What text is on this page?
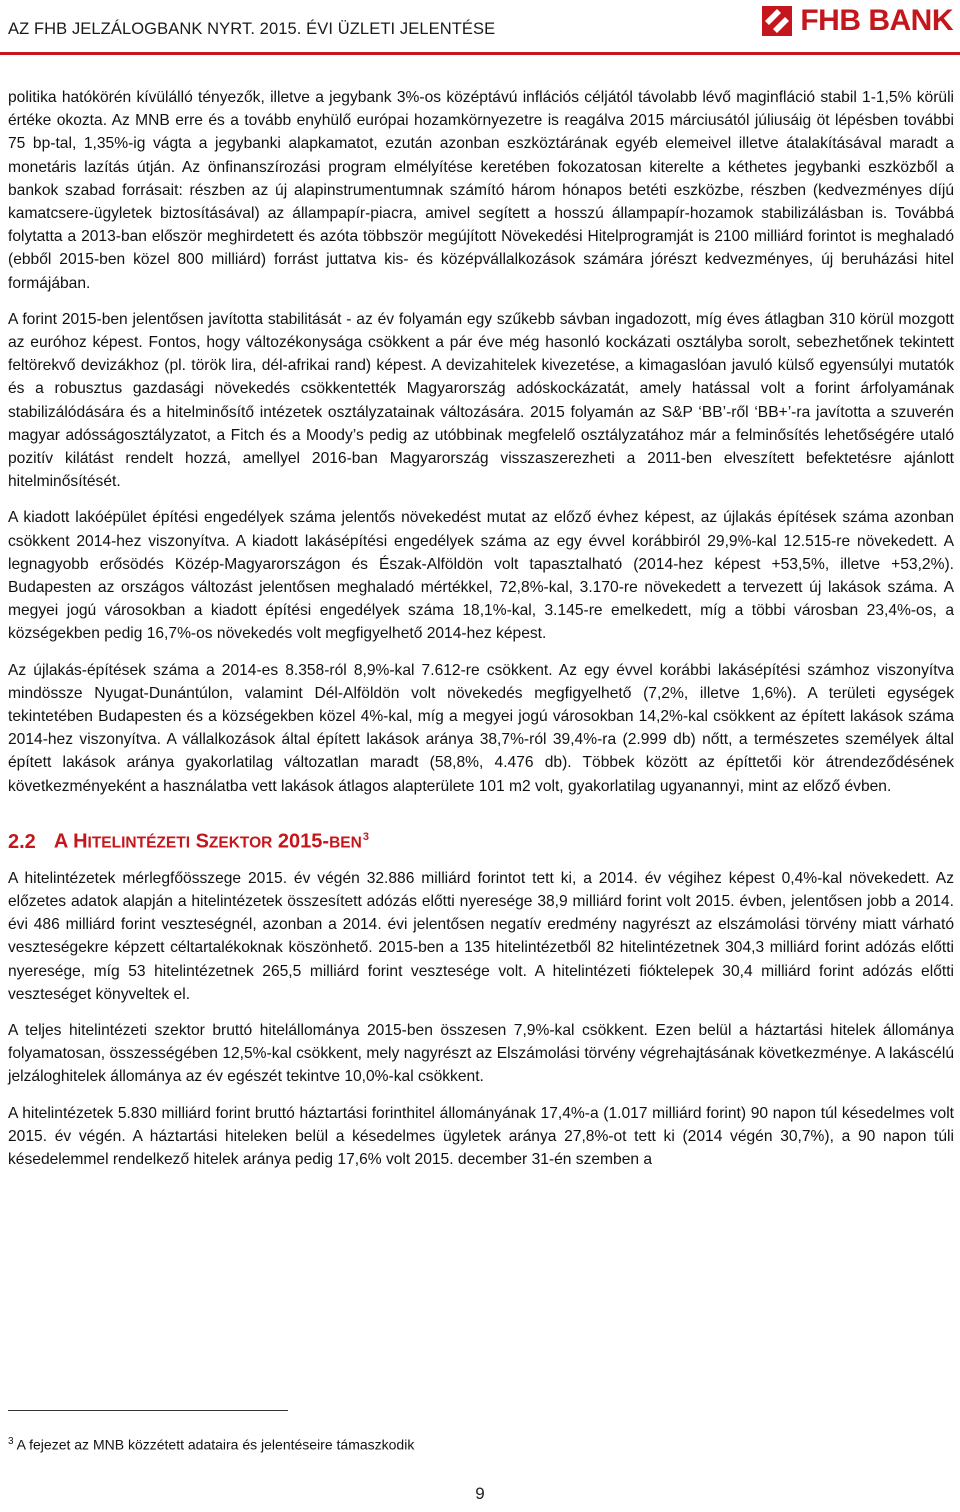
AZ FHB JELZÁLOGBANK NYRT. 2015. ÉVI ÜZLETI JELENTÉSE	FHB BANK

politika hatókörén kívülálló tényezők, illetve a jegybank 3%-os középtávú inflációs céljától távolabb lévő maginfláció stabil 1-1,5% körüli értéke okozta. Az MNB erre és a tovább enyhülő európai hozamkörnyezetre is reagálva 2015 márciusától júliusáig öt lépésben további 75 bp-tal, 1,35%-ig vágta a jegybanki alapkamatot, ezután azonban eszköztárának egyéb elemeivel illetve átalakításával maradt a monetáris lazítás útján. Az önfinanszírozási program elmélyítése keretében fokozatosan kiterelte a kéthetes jegybanki eszközből a bankok szabad forrásait: részben az új alapinstrumentumnak számító három hónapos betéti eszközbe, részben (kedvezményes díjú kamatcsere-ügyletek biztosításával) az állampapír-piacra, amivel segített a hosszú állampapír-hozamok stabilizálásban is. Továbbá folytatta a 2013-ban először meghirdetett és azóta többször megújított Növekedési Hitelprogramját is 2100 milliárd forintot is meghaladó (ebből 2015-ben közel 800 milliárd) forrást juttatva kis- és középvállalkozások számára jórészt kedvezményes, új beruházási hitel formájában.

A forint 2015-ben jelentősen javította stabilitását - az év folyamán egy szűkebb sávban ingadozott, míg éves átlagban 310 körül mozgott az euróhoz képest. Fontos, hogy változékonysága csökkent a pár éve még hasonló kockázati osztályba sorolt, sebezhetőnek tekintett feltörekvő devizákhoz (pl. török lira, dél-afrikai rand) képest. A devizahitelek kivezetése, a kimagaslóan javuló külső egyensúlyi mutatók és a robusztus gazdasági növekedés csökkentették Magyarország adóskockázatát, amely hatással volt a forint árfolyamának stabilizálódására és a hitelminősítő intézetek osztályzatainak változására. 2015 folyamán az S&P ‘BB’-ről ‘BB+’-ra javította a szuverén magyar adósságosztályzatot, a Fitch és a Moody’s pedig az utóbbinak megfelelő osztályzatához már a felminősítés lehetőségére utaló pozitív kilátást rendelt hozzá, amellyel 2016-ban Magyarország visszaszerezheti a 2011-ben elveszített befektetésre ajánlott hitelminősítését.

A kiadott lakóépület építési engedélyek száma jelentős növekedést mutat az előző évhez képest, az újlakás építések száma azonban csökkent 2014-hez viszonyítva. A kiadott lakásépítési engedélyek száma az egy évvel korábbiról 29,9%-kal 12.515-re növekedett. A legnagyobb erősödés Közép-Magyarországon és Észak-Alföldön volt tapasztalható (2014-hez képest +53,5%, illetve +53,2%). Budapesten az országos változást jelentősen meghaladó mértékkel, 72,8%-kal, 3.170-re növekedett a tervezett új lakások száma. A megyei jogú városokban a kiadott építési engedélyek száma 18,1%-kal, 3.145-re emelkedett, míg a többi városban 23,4%-os, a községekben pedig 16,7%-os növekedés volt megfigyelhető 2014-hez képest.

Az újlakás-építések száma a 2014-es 8.358-ról 8,9%-kal 7.612-re csökkent. Az egy évvel korábbi lakásépítési számhoz viszonyítva mindössze Nyugat-Dunántúlon, valamint Dél-Alföldön volt növekedés megfigyelhető (7,2%, illetve 1,6%). A területi egységek tekintetében Budapesten és a községekben közel 4%-kal, míg a megyei jogú városokban 14,2%-kal csökkent az épített lakások száma 2014-hez viszonyítva. A vállalkozások által épített lakások aránya 38,7%-ról 39,4%-ra (2.999 db) nőtt, a természetes személyek által épített lakások aránya gyakorlatilag változatlan maradt (58,8%, 4.476 db). Többek között az építtetői kör átrendeződésének következményeként a használatba vett lakások átlagos alapterülete 101 m2 volt, gyakorlatilag ugyanannyi, mint az előző évben.

2.2 A HITELINTÉZETI SZEKTOR 2015-BEN$^3$

A hitelintézetek mérlegfőösszege 2015. év végén 32.886 milliárd forintot tett ki, a 2014. év végihez képest 0,4%-kal növekedett. Az előzetes adatok alapján a hitelintézetek összesített adózás előtti nyeresége 38,9 milliárd forint volt 2015. évben, jelentősen jobb a 2014. évi 486 milliárd forint veszteségnél, azonban a 2014. évi jelentősen negatív eredmény nagyrészt az elszámolási törvény miatt várható veszteségekre képzett céltartalékoknak köszönhető. 2015-ben a 135 hitelintézetből 82 hitelintézetnek 304,3 milliárd forint adózás előtti nyeresége, míg 53 hitelintézetnek 265,5 milliárd forint vesztesége volt. A hitelintézeti fióktelepek 30,4 milliárd forint adózás előtti veszteséget könyveltek el.

A teljes hitelintézeti szektor bruttó hitelállománya 2015-ben összesen 7,9%-kal csökkent. Ezen belül a háztartási hitelek állománya folyamatosan, összességében 12,5%-kal csökkent, mely nagyrészt az Elszámolási törvény végrehajtásának következménye. A lakáscélú jelzáloghitelek állománya az év egészét tekintve 10,0%-kal csökkent.

A hitelintézetek 5.830 milliárd forint bruttó háztartási forinthitel állományának 17,4%-a (1.017 milliárd forint) 90 napon túl késedelmes volt 2015. év végén. A háztartási hiteleken belül a késedelmes ügyletek aránya 27,8%-ot tett ki (2014 végén 30,7%), a 90 napon túli késedelemmel rendelkező hitelek aránya pedig 17,6% volt 2015. december 31-én szemben a

$^3$ A fejezet az MNB közzétett adataira és jelentéseire támaszkodik
9
